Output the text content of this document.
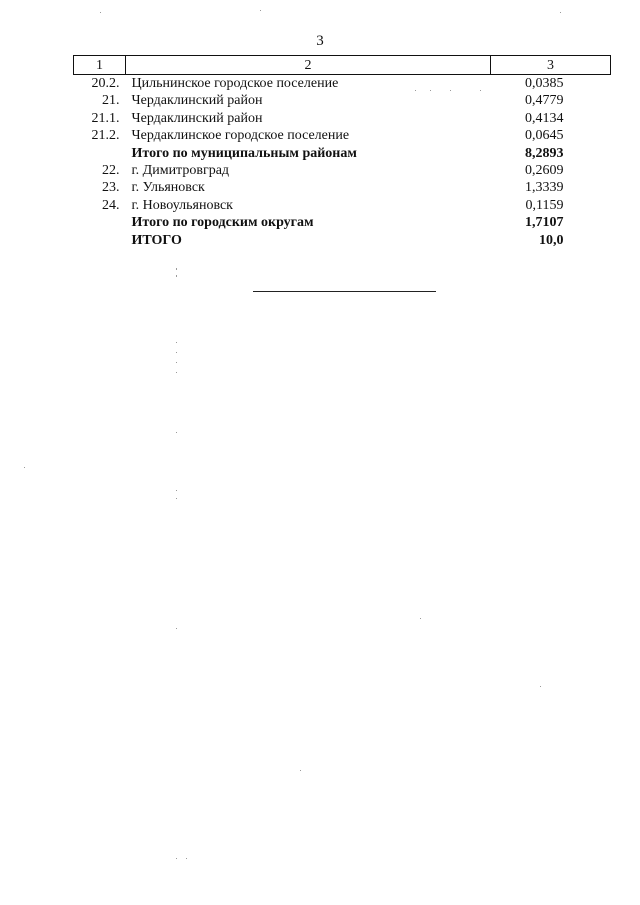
3
1	2	3
20.2.	Цильнинское городское поселение	0,0385
21.	Чердаклинский район	0,4779
21.1.	Чердаклинский район	0,4134
21.2.	Чердаклинское городское поселение	0,0645
	Итого по муниципальным районам	8,2893
22.	г. Димитровград	0,2609
23.	г. Ульяновск	1,3339
24.	г. Новоульяновск	0,1159
	Итого по городским округам	1,7107
	ИТОГО	10,0
